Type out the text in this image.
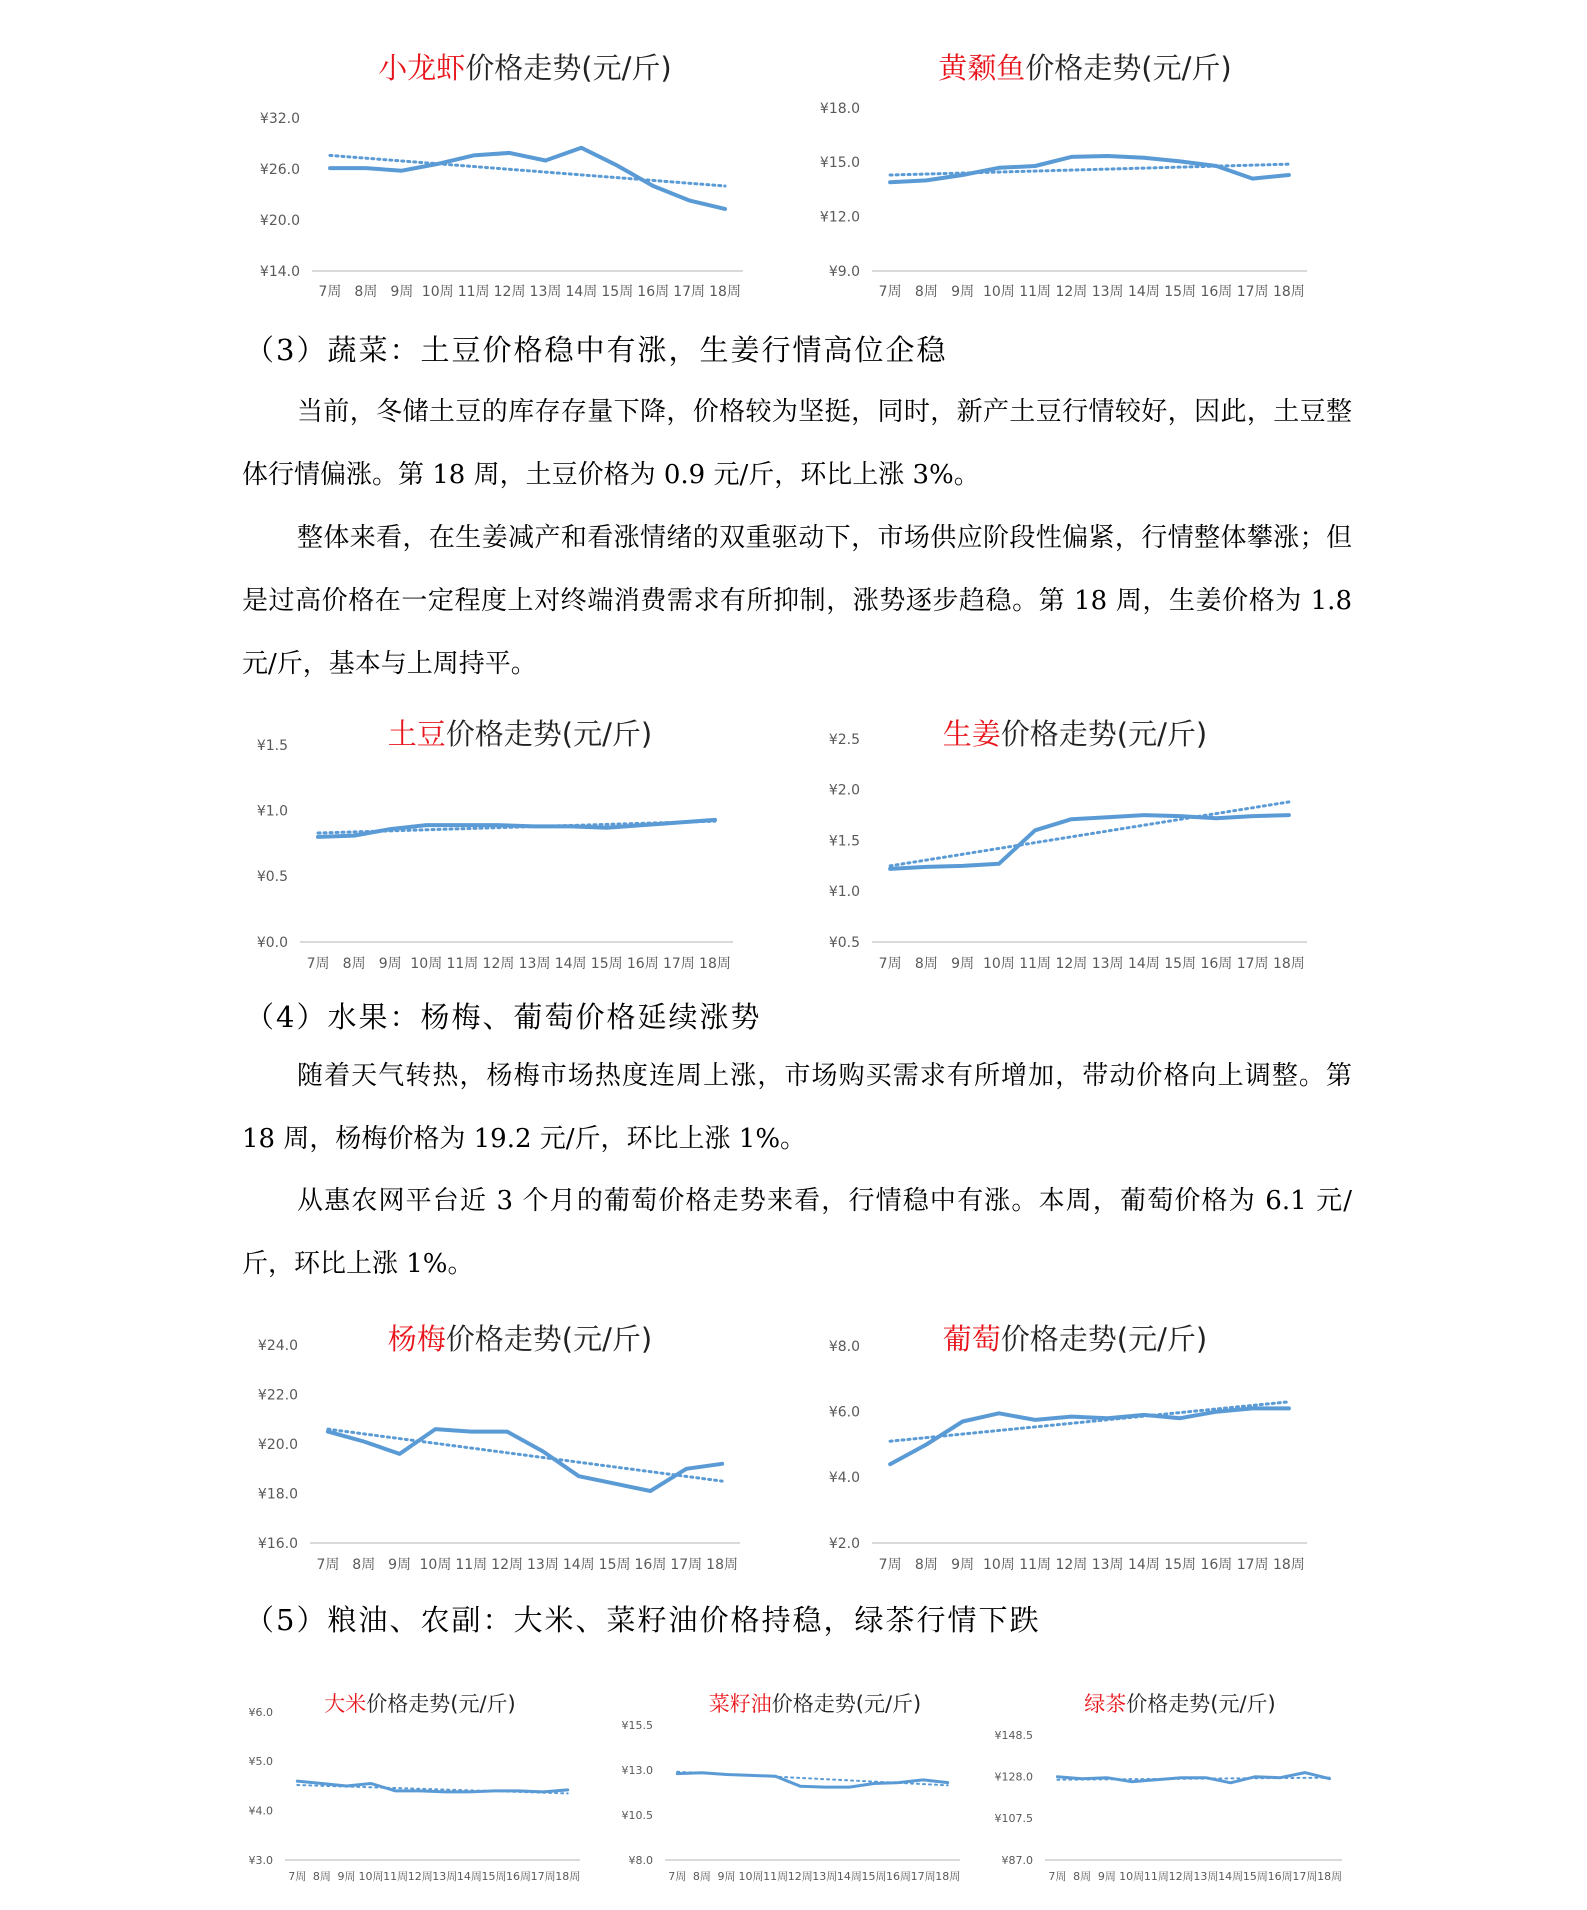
小龙虾价格走势(元/斤)
¥14.0
¥20.0
¥26.0
¥32.0
7周 8周 9周 10周 11周 12周 13周 14周 15周 16周 17周 18周
黄颡鱼价格走势(元/斤)
¥9.0
¥12.0
¥15.0
¥18.0
7周 8周 9周 10周 11周 12周 13周 14周 15周 16周 17周 18周
（3）蔬菜：土豆价格稳中有涨，生姜行情高位企稳
当前，冬储土豆的库存存量下降，价格较为坚挺，同时，新产土豆行情较好，因此，土豆整体行情偏涨。第 18 周，土豆价格为 0.9 元/斤，环比上涨 3%。
整体来看，在生姜减产和看涨情绪的双重驱动下，市场供应阶段性偏紧，行情整体攀涨；但是过高价格在一定程度上对终端消费需求有所抑制，涨势逐步趋稳。第 18 周，生姜价格为 1.8 元/斤，基本与上周持平。
土豆价格走势(元/斤)
¥0.0
¥0.5
¥1.0
¥1.5
7周 8周 9周 10周 11周 12周 13周 14周 15周 16周 17周 18周
生姜价格走势(元/斤)
¥0.5
¥1.0
¥1.5
¥2.0
¥2.5
7周 8周 9周 10周 11周 12周 13周 14周 15周 16周 17周 18周
（4）水果：杨梅、葡萄价格延续涨势
随着天气转热，杨梅市场热度连周上涨，市场购买需求有所增加，带动价格向上调整。第 18 周，杨梅价格为 19.2 元/斤，环比上涨 1%。
从惠农网平台近 3 个月的葡萄价格走势来看，行情稳中有涨。本周，葡萄价格为 6.1 元/斤，环比上涨 1%。
杨梅价格走势(元/斤)
¥16.0
¥18.0
¥20.0
¥22.0
¥24.0
7周 8周 9周 10周 11周 12周 13周 14周 15周 16周 17周 18周
葡萄价格走势(元/斤)
¥2.0
¥4.0
¥6.0
¥8.0
7周 8周 9周 10周 11周 12周 13周 14周 15周 16周 17周 18周
（5）粮油、农副：大米、菜籽油价格持稳，绿茶行情下跌
大米价格走势(元/斤)
¥3.0
¥4.0
¥5.0
¥6.0
7周 8周 9周 10周 11周 12周 13周 14周 15周 16周 17周 18周
菜籽油价格走势(元/斤)
¥8.0
¥10.5
¥13.0
¥15.5
7周 8周 9周 10周 11周 12周 13周 14周 15周 16周 17周 18周
绿茶价格走势(元/斤)
¥87.0
¥107.5
¥128.0
¥148.5
7周 8周 9周 10周 11周 12周 13周 14周 15周 16周 17周 18周
